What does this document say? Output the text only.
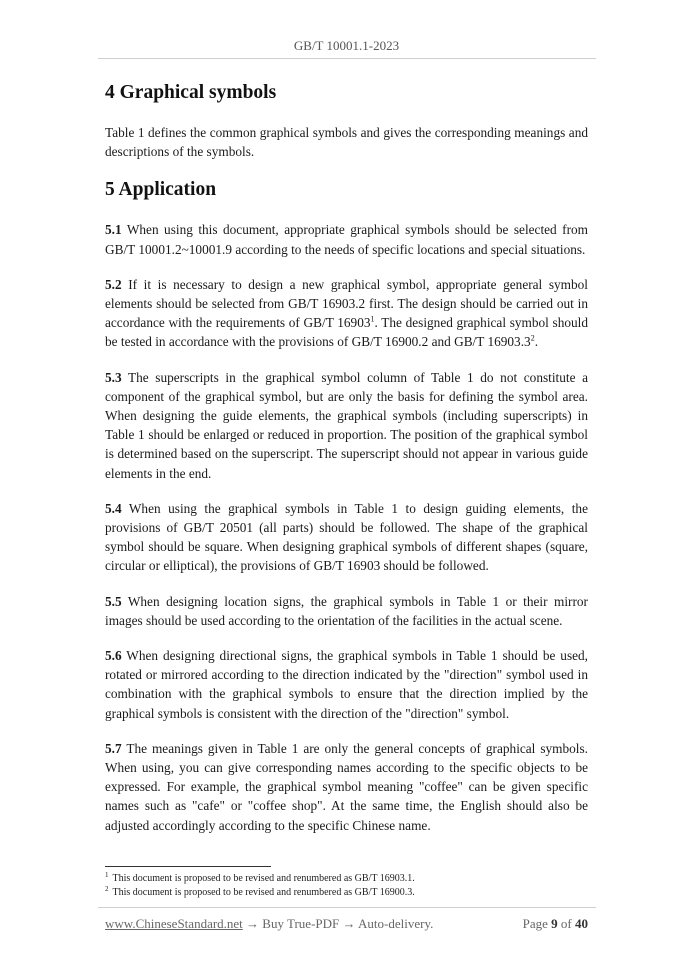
GB/T 10001.1-2023
4 Graphical symbols

Table 1 defines the common graphical symbols and gives the corresponding meanings and descriptions of the symbols.

5 Application

5.1 When using this document, appropriate graphical symbols should be selected from GB/T 10001.2~10001.9 according to the needs of specific locations and special situations.

5.2 If it is necessary to design a new graphical symbol, appropriate general symbol elements should be selected from GB/T 16903.2 first. The design should be carried out in accordance with the requirements of GB/T 16903$^1$. The designed graphical symbol should be tested in accordance with the provisions of GB/T 16900.2 and GB/T 16903.3$^2$.

5.3 The superscripts in the graphical symbol column of Table 1 do not constitute a component of the graphical symbol, but are only the basis for defining the symbol area. When designing the guide elements, the graphical symbols (including superscripts) in Table 1 should be enlarged or reduced in proportion. The position of the graphical symbol is determined based on the superscript. The superscript should not appear in various guide elements in the end.

5.4 When using the graphical symbols in Table 1 to design guiding elements, the provisions of GB/T 20501 (all parts) should be followed. The shape of the graphical symbol should be square. When designing graphical symbols of different shapes (square, circular or elliptical), the provisions of GB/T 16903 should be followed.

5.5 When designing location signs, the graphical symbols in Table 1 or their mirror images should be used according to the orientation of the facilities in the actual scene.

5.6 When designing directional signs, the graphical symbols in Table 1 should be used, rotated or mirrored according to the direction indicated by the "direction" symbol used in combination with the graphical symbols to ensure that the direction implied by the graphical symbols is consistent with the direction of the "direction" symbol.

5.7 The meanings given in Table 1 are only the general concepts of graphical symbols. When using, you can give corresponding names according to the specific objects to be expressed. For example, the graphical symbol meaning "coffee" can be given specific names such as "cafe" or "coffee shop". At the same time, the English should also be adjusted accordingly according to the specific Chinese name.

$^1$ This document is proposed to be revised and renumbered as GB/T 16903.1.
$^2$ This document is proposed to be revised and renumbered as GB/T 16900.3.
www.ChineseStandard.net → Buy True-PDF → Auto-delivery.	Page 9 of 40
